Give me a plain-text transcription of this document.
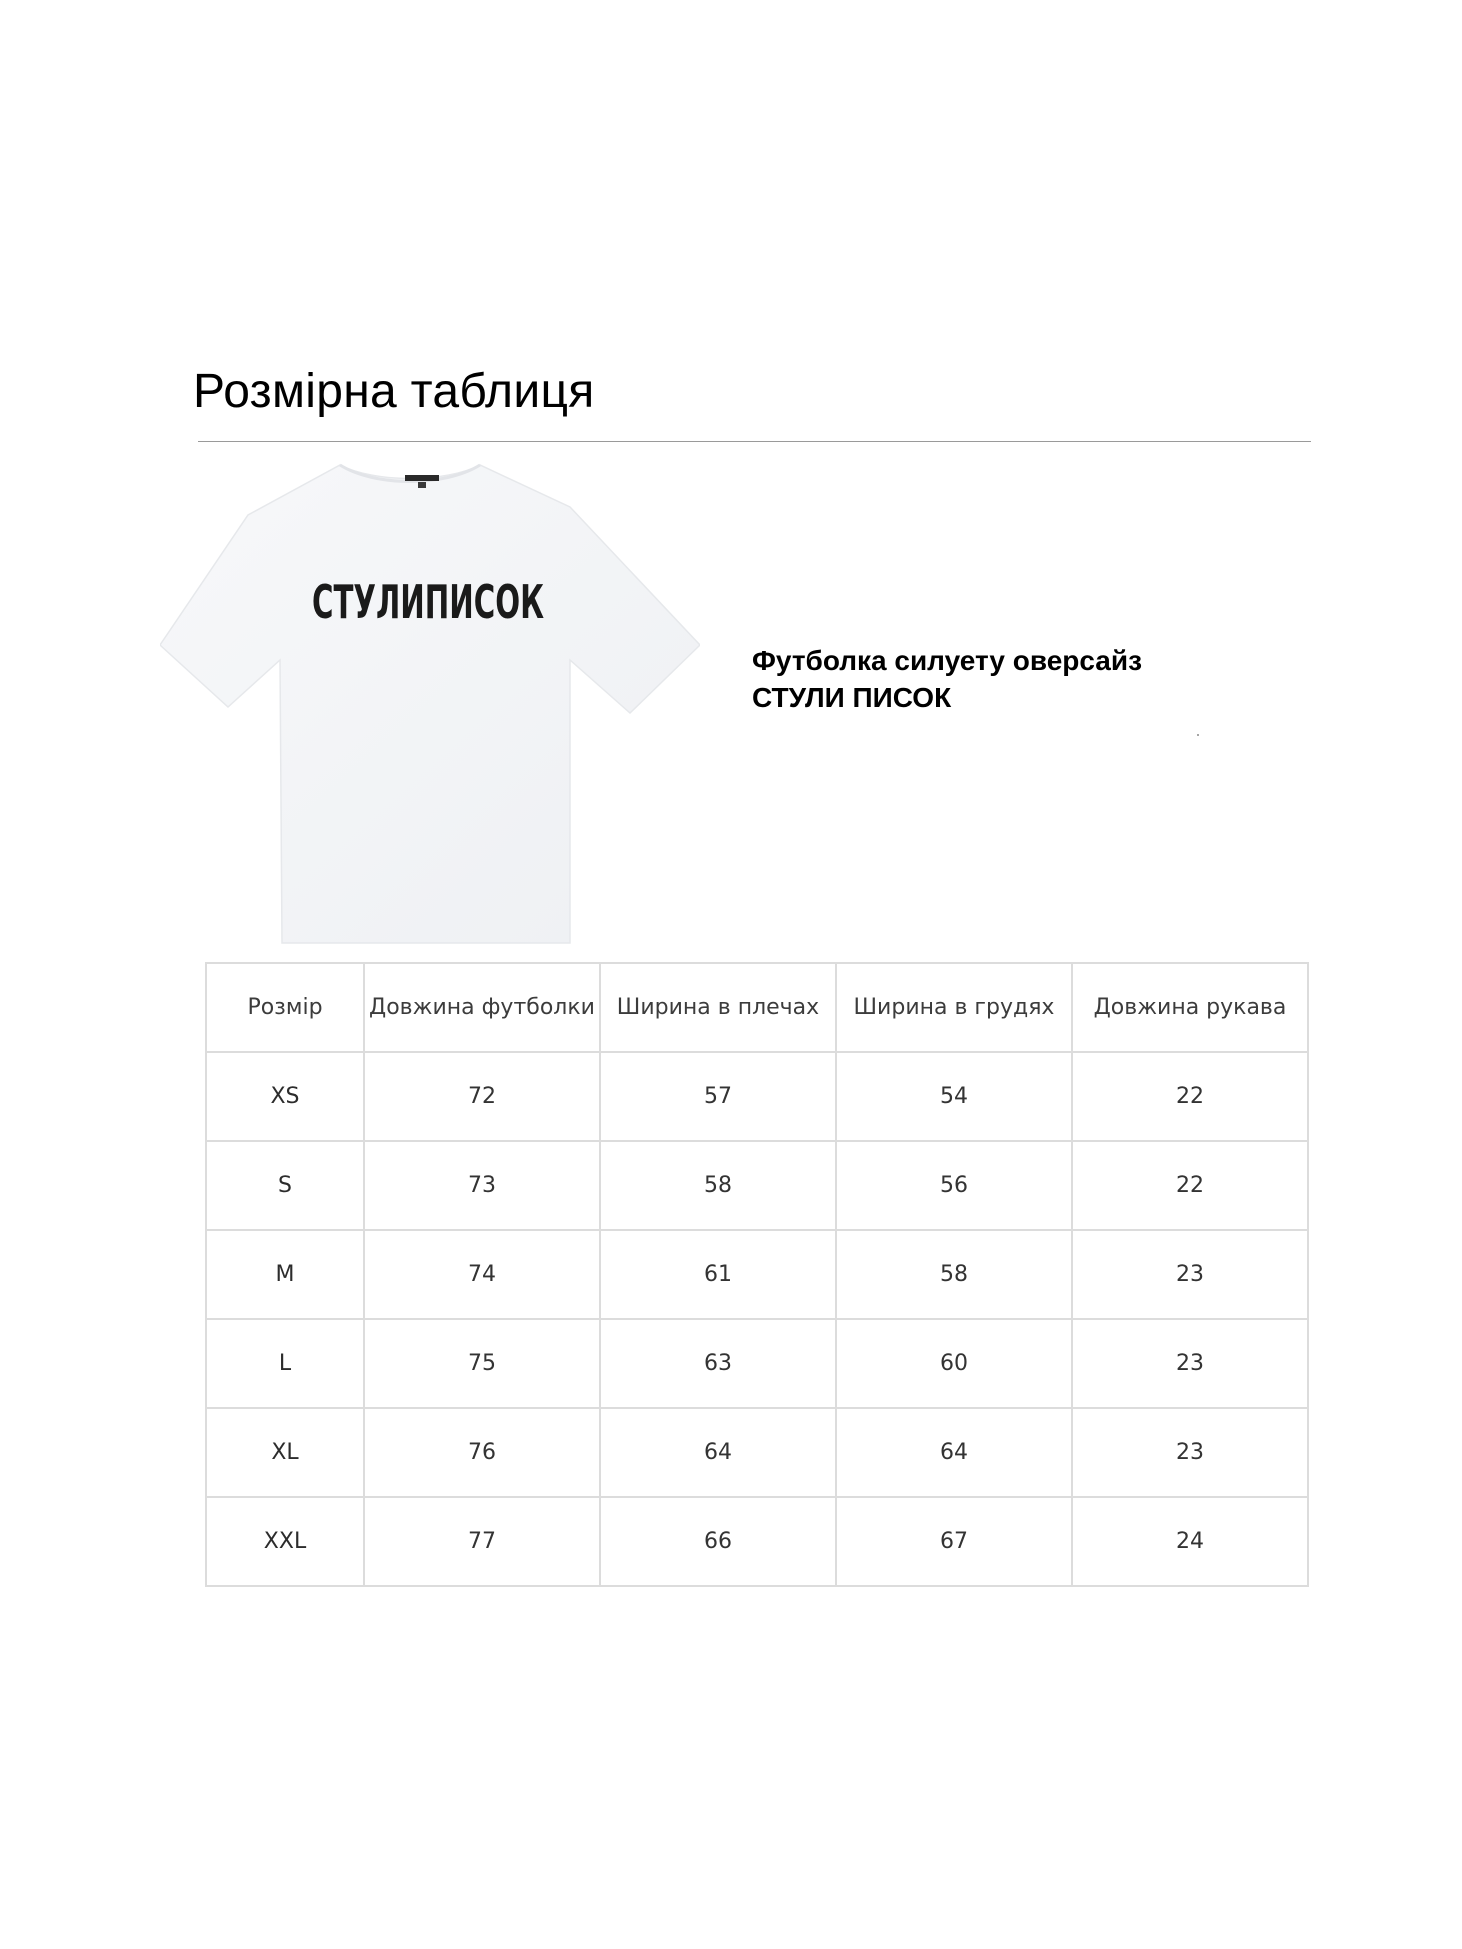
Розмірна таблиця
СТУЛИПИСОК
Футболка силуету оверсайз
СТУЛИ ПИСОК
Розмір	Довжина футболки	Ширина в плечах	Ширина в грудях	Довжина рукава
XS	72	57	54	22
S	73	58	56	22
M	74	61	58	23
L	75	63	60	23
XL	76	64	64	23
XXL	77	66	67	24
